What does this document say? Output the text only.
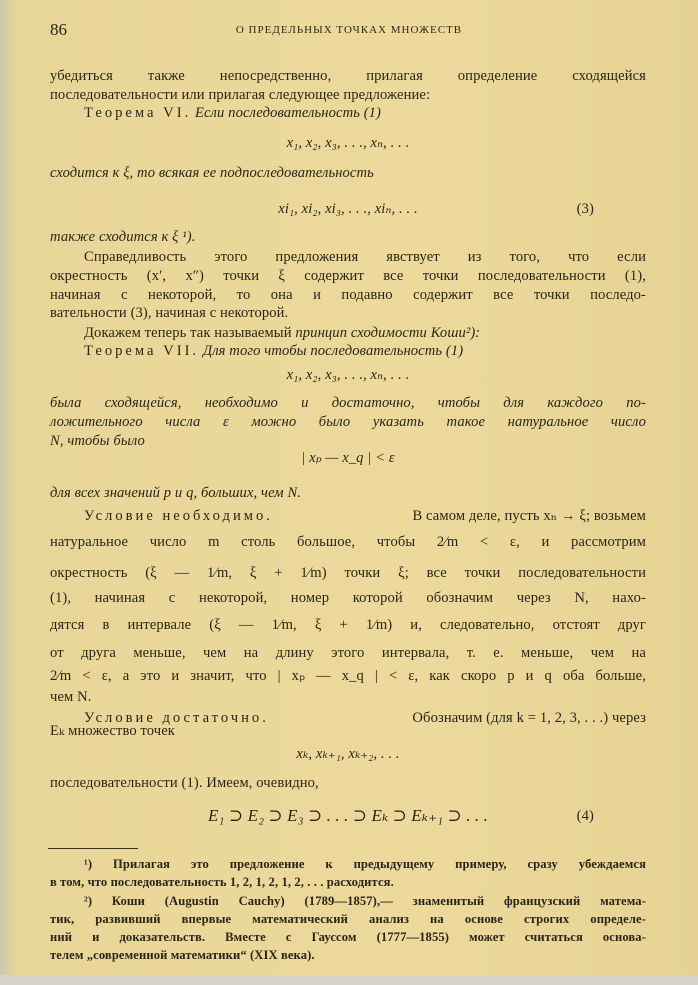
86	О ПРЕДЕЛЬНЫХ ТОЧКАХ МНОЖЕСТВ
убедиться также непосредственно, прилагая определение сходящейся
последовательности или прилагая следующее предложение:
Теорема VI. Если последовательность (1)
x₁, x₂, x₃, . . ., xₙ, . . .
сходится к ξ, то всякая ее подпоследовательность
xi₁, xi₂, xi₃, . . ., xiₙ, . . .	(3)
также сходится к ξ ¹).
Справедливость этого предложения явствует из того, что если
окрестность (x′, x″) точки ξ содержит все точки последовательности (1),
начиная с некоторой, то она и подавно содержит все точки последо-
вательности (3), начиная с некоторой.
Докажем теперь так называемый принцип сходимости Коши²):
Теорема VII. Для того чтобы последовательность (1)
x₁, x₂, x₃, . . ., xₙ, . . .
была сходящейся, необходимо и достаточно, чтобы для каждого по-
ложительного числа ε можно было указать такое натуральное число
N, чтобы было
| xₚ — x_q | < ε
для всех значений p и q, больших, чем N.
Условие необходимо.	В самом деле, пусть xₙ → ξ; возьмем
натуральное число m столь большое, чтобы 2⁄m < ε, и рассмотрим
окрестность (ξ — 1⁄m, ξ + 1⁄m) точки ξ; все точки последовательности
(1), начиная с некоторой, номер которой обозначим через N, нахо-
дятся в интервале (ξ — 1⁄m, ξ + 1⁄m) и, следовательно, отстоят друг
от друга меньше, чем на длину этого интервала, т. е. меньше, чем на
2⁄m < ε, а это и значит, что | xₚ — x_q | < ε, как скоро p и q оба больше,
чем N.
Условие достаточно.	Обозначим (для k = 1, 2, 3, . . .) через
Eₖ множество точек
xₖ, xₖ₊₁, xₖ₊₂, . . .
последовательности (1). Имеем, очевидно,
E₁ ⊃ E₂ ⊃ E₃ ⊃ . . . ⊃ Eₖ ⊃ Eₖ₊₁ ⊃ . . .	(4)
¹) Прилагая это предложение к предыдущему примеру, сразу убеждаемся
в том, что последовательность 1, 2, 1, 2, 1, 2, . . . расходится.
²) Коши (Augustin Cauchy) (1789—1857),— знаменитый французский матема-
тик, развивший впервые математический анализ на основе строгих определе-
ний и доказательств. Вместе с Гауссом (1777—1855) может считаться основа-
телем „современной математики“ (XIX века).
